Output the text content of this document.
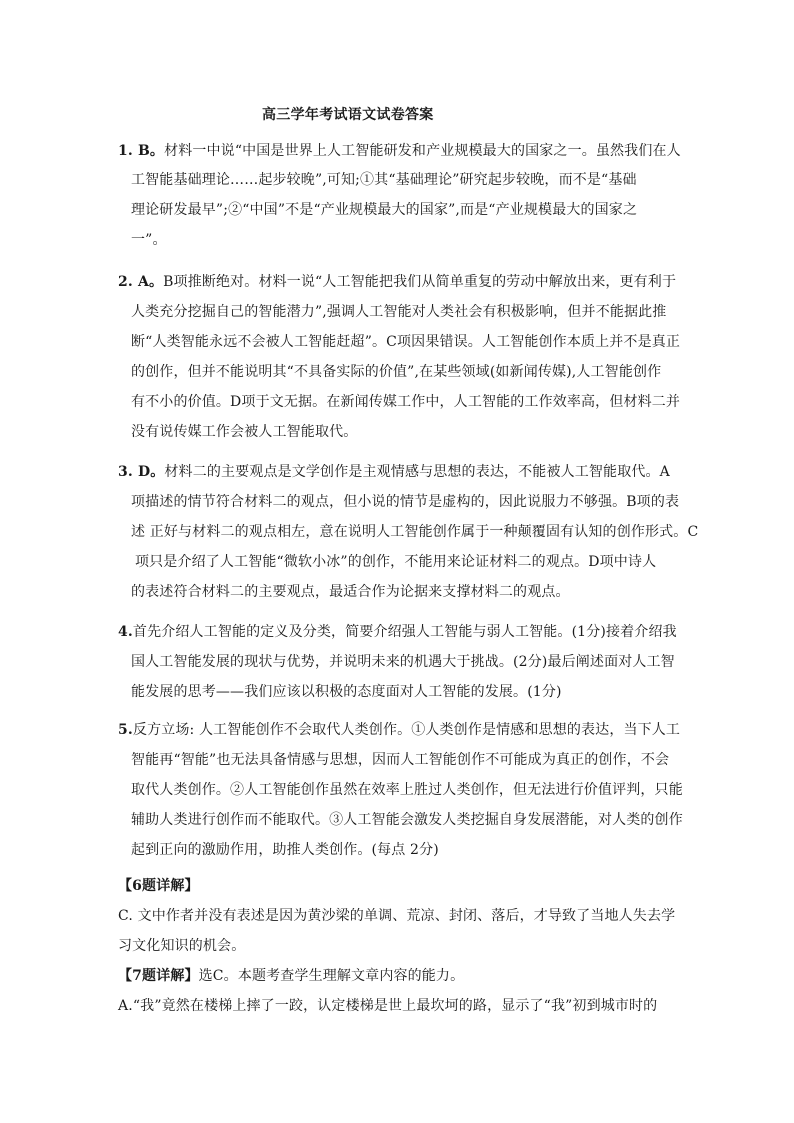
高三学年考试语文试卷答案
1. B。材料一中说“中国是世界上人工智能研发和产业规模最大的国家之一。虽然我们在人
工智能基础理论……起步较晚”,可知;①其“基础理论”研究起步较晚，而不是“基础
理论研发最早”;②“中国”不是“产业规模最大的国家”,而是“产业规模最大的国家之
一”。
2. A。B项推断绝对。材料一说“人工智能把我们从简单重复的劳动中解放出来，更有利于
人类充分挖掘自己的智能潜力”,强调人工智能对人类社会有积极影响，但并不能据此推
断“人类智能永远不会被人工智能赶超”。C项因果错误。人工智能创作本质上并不是真正
的创作，但并不能说明其“不具备实际的价值”,在某些领域(如新闻传媒),人工智能创作
有不小的价值。D项于文无据。在新闻传媒工作中，人工智能的工作效率高，但材料二并
没有说传媒工作会被人工智能取代。
3. D。材料二的主要观点是文学创作是主观情感与思想的表达，不能被人工智能取代。A
项描述的情节符合材料二的观点，但小说的情节是虚构的，因此说服力不够强。B项的表
述 正好与材料二的观点相左，意在说明人工智能创作属于一种颠覆固有认知的创作形式。C
项只是介绍了人工智能“微软小冰”的创作，不能用来论证材料二的观点。D项中诗人
的表述符合材料二的主要观点，最适合作为论据来支撑材料二的观点。
4.首先介绍人工智能的定义及分类，简要介绍强人工智能与弱人工智能。(1分)接着介绍我
国人工智能发展的现状与优势，并说明未来的机遇大于挑战。(2分)最后阐述面对人工智
能发展的思考——我们应该以积极的态度面对人工智能的发展。(1分)
5.反方立场: 人工智能创作不会取代人类创作。①人类创作是情感和思想的表达，当下人工
智能再“智能”也无法具备情感与思想，因而人工智能创作不可能成为真正的创作，不会
取代人类创作。②人工智能创作虽然在效率上胜过人类创作，但无法进行价值评判，只能
辅助人类进行创作而不能取代。③人工智能会激发人类挖掘自身发展潜能，对人类的创作
起到正向的激励作用，助推人类创作。(每点 2分)
【6题详解】
C. 文中作者并没有表述是因为黄沙梁的单调、荒凉、封闭、落后，才导致了当地人失去学
习文化知识的机会。
【7题详解】选C。本题考查学生理解文章内容的能力。
A.“我”竟然在楼梯上摔了一跤，认定楼梯是世上最坎坷的路，显示了“我”初到城市时的
